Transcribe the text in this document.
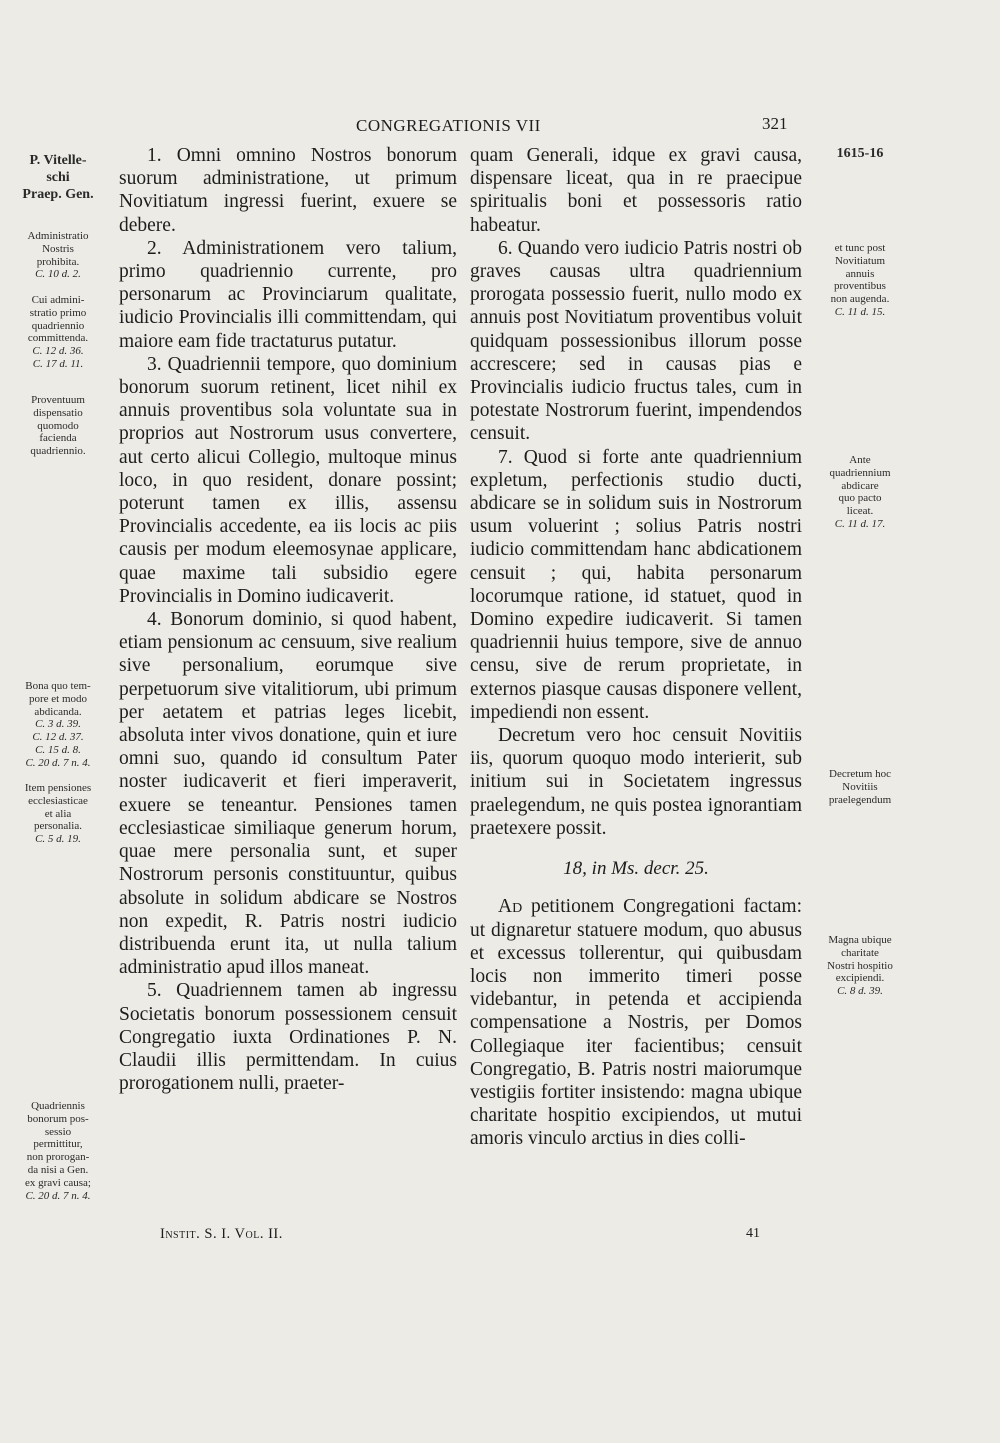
CONGREGATIONIS VII	321
P. Vitelle-
schi
Praep. Gen.
Administratio
Nostris
prohibita.
C. 10 d. 2.
Cui admini-
stratio primo
quadriennio
committenda.
C. 12 d. 36.
C. 17 d. 11.
Proventuum
dispensatio
quomodo
facienda
quadriennio.
Bona quo tem-
pore et modo
abdicanda.
C. 3 d. 39.
C. 12 d. 37.
C. 15 d. 8.
C. 20 d. 7 n. 4.
Item pensiones
ecclesiasticae
et alia
personalia.
C. 5 d. 19.
Quadriennis
bonorum pos-
sessio
permittitur,
non prorogan-
da nisi a Gen.
ex gravi causa;
C. 20 d. 7 n. 4.

1. Omni omnino Nostros bonorum suorum administratione, ut primum Novitiatum ingressi fuerint, exuere se debere.

2. Administrationem vero talium, primo quadriennio currente, pro personarum ac Provinciarum qualitate, iudicio Provincialis illi committendam, qui maiore eam fide tractaturus putatur.

3. Quadriennii tempore, quo dominium bonorum suorum retinent, licet nihil ex annuis proventibus sola voluntate sua in proprios aut Nostrorum usus convertere, aut certo alicui Collegio, multoque minus loco, in quo resident, donare possint; poterunt tamen ex illis, assensu Provincialis accedente, ea iis locis ac piis causis per modum eleemosynae applicare, quae maxime tali subsidio egere Provincialis in Domino iudicaverit.

4. Bonorum dominio, si quod habent, etiam pensionum ac censuum, sive realium sive personalium, eorumque sive perpetuorum sive vitalitiorum, ubi primum per aetatem et patrias leges licebit, absoluta inter vivos donatione, quin et iure omni suo, quando id consultum Pater noster iudicaverit et fieri imperaverit, exuere se teneantur. Pensiones tamen ecclesiasticae similiaque generum horum, quae mere personalia sunt, et super Nostrorum personis constituuntur, quibus absolute in solidum abdicare se Nostros non expedit, R. Patris nostri iudicio distribuenda erunt ita, ut nulla talium administratio apud illos maneat.

5. Quadriennem tamen ab ingressu Societatis bonorum possessionem censuit Congregatio iuxta Ordinationes P. N. Claudii illis permittendam. In cuius prorogationem nulli, praeter-

quam Generali, idque ex gravi causa, dispensare liceat, qua in re praecipue spiritualis boni et possessoris ratio habeatur.

6. Quando vero iudicio Patris nostri ob graves causas ultra quadriennium prorogata possessio fuerit, nullo modo ex annuis post Novitiatum proventibus voluit quidquam possessionibus illorum posse accrescere; sed in causas pias e Provincialis iudicio fructus tales, cum in potestate Nostrorum fuerint, impendendos censuit.

7. Quod si forte ante quadriennium expletum, perfectionis studio ducti, abdicare se in solidum suis in Nostrorum usum voluerint ; solius Patris nostri iudicio committendam hanc abdicationem censuit ; qui, habita personarum locorumque ratione, id statuet, quod in Domino expedire iudicaverit. Si tamen quadriennii huius tempore, sive de annuo censu, sive de rerum proprietate, in externos piasque causas disponere vellent, impediendi non essent.

Decretum vero hoc censuit Novitiis iis, quorum quoquo modo interierit, sub initium sui in Societatem ingressus praelegendum, ne quis postea ignorantiam praetexere possit.

18, in Ms. decr. 25.

Ad petitionem Congregationi factam: ut dignaretur statuere modum, quo abusus et excessus tollerentur, qui quibusdam locis non immerito timeri posse videbantur, in petenda et accipienda compensatione a Nostris, per Domos Collegiaque iter facientibus; censuit Congregatio, B. Patris nostri maiorumque vestigiis fortiter insistendo: magna ubique charitate hospitio excipiendos, ut mutui amoris vinculo arctius in dies colli-

1615-16
et tunc post
Novitiatum
annuis
proventibus
non augenda.
C. 11 d. 15.
Ante
quadriennium
abdicare
quo pacto
liceat.
C. 11 d. 17.
Decretum hoc
Novitiis
praelegendum
Magna ubique
charitate
Nostri hospitio
excipiendi.
C. 8 d. 39.
Instit. S. I. Vol. II.	41
